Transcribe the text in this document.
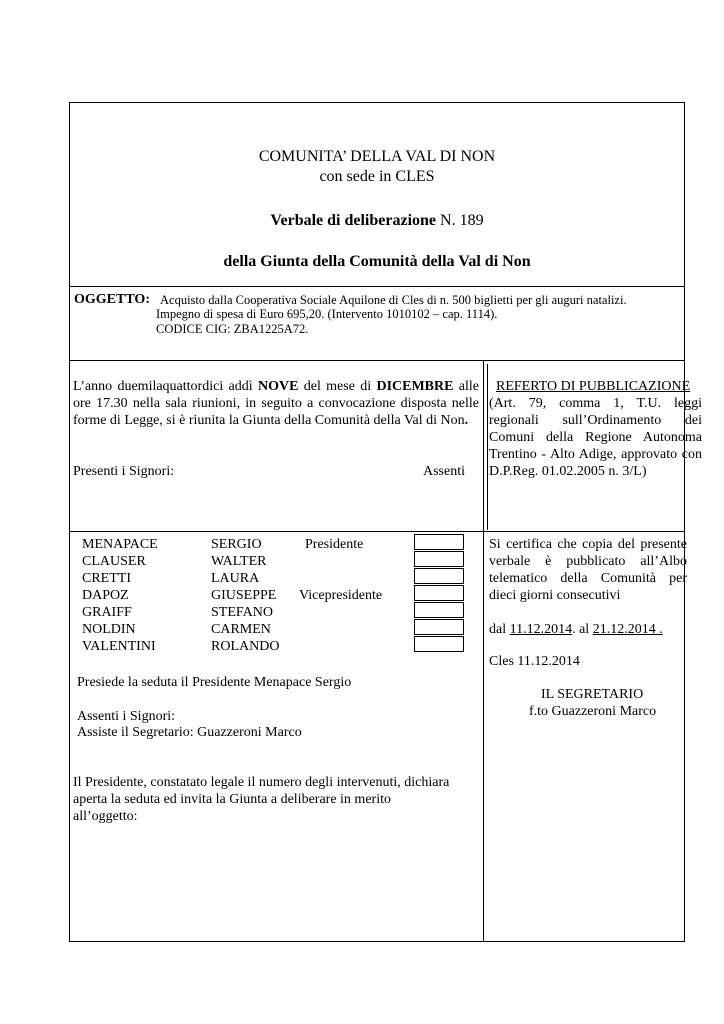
COMUNITA’ DELLA VAL DI NON
con sede in CLES
Verbale di deliberazione N. 189
della Giunta della Comunità della Val di Non
OGGETTO: Acquisto dalla Cooperativa Sociale Aquilone di Cles di n. 500 biglietti per gli auguri natalizi.
Impegno di spesa di Euro 695,20. (Intervento 1010102 – cap. 1114).
CODICE CIG: ZBA1225A72.
L’anno duemilaquattordici addì NOVE del mese di DICEMBRE alle ore 17.30 nella sala riunioni, in seguito a convocazione disposta nelle forme di Legge, si è riunita la Giunta della Comunità della Val di Non.
Presenti i Signori:	Assenti
REFERTO DI PUBBLICAZIONE
(Art. 79, comma 1, T.U. leggi regionali sull’Ordinamento dei Comuni della Regione Autonoma Trentino - Alto Adige, approvato con D.P.Reg. 01.02.2005 n. 3/L)
MENAPACE	SERGIO	Presidente
CLAUSER	WALTER
CRETTI	LAURA
DAPOZ	GIUSEPPE Vicepresidente
GRAIFF	STEFANO
NOLDIN	CARMEN
VALENTINI	ROLANDO
Presiede la seduta il Presidente Menapace Sergio
Assenti i Signori:
Assiste il Segretario: Guazzeroni Marco
Il Presidente, constatato legale il numero degli intervenuti, dichiara
aperta la seduta ed invita la Giunta a deliberare in merito
all’oggetto:
Si certifica che copia del presente verbale è pubblicato all’Albo telematico della Comunità per dieci giorni consecutivi
dal 11.12.2014. al 21.12.2014 .
Cles 11.12.2014
IL SEGRETARIO
f.to Guazzeroni Marco
